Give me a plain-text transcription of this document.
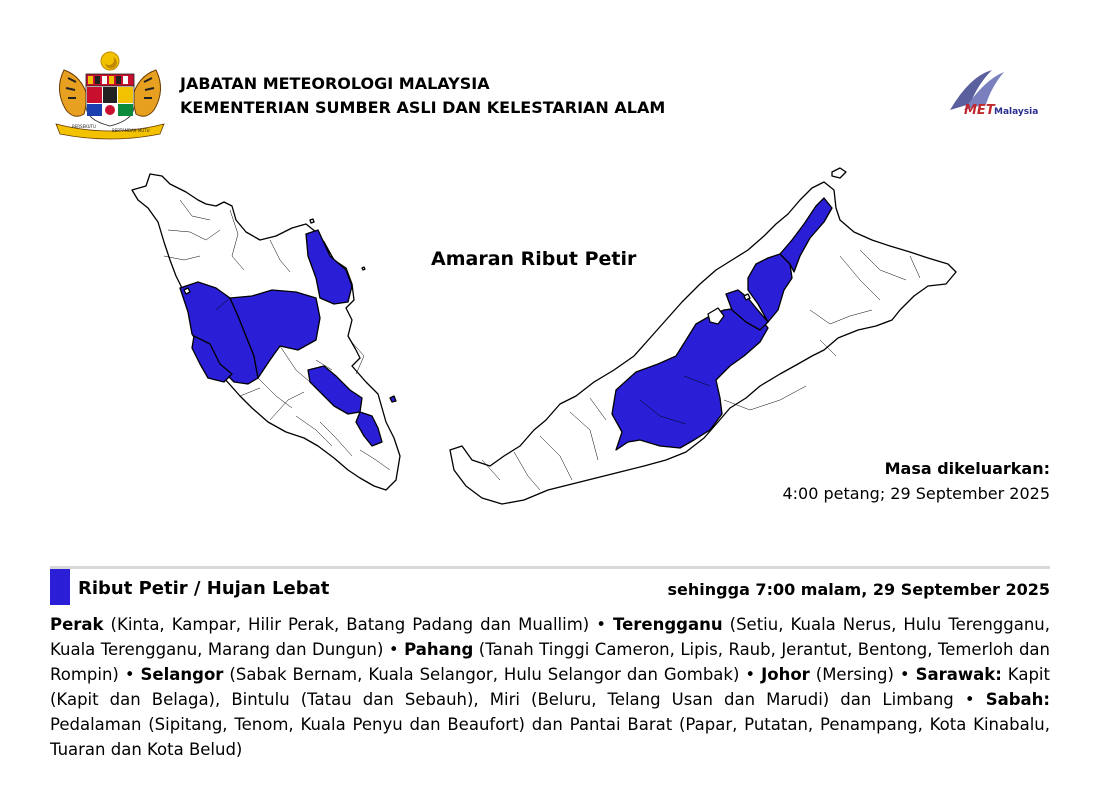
BERSEKUTU
BERTAMBAH MUTU
JABATAN METEOROLOGI MALAYSIA
KEMENTERIAN SUMBER ASLI DAN KELESTARIAN ALAM	MET Malaysia
Amaran Ribut Petir
Masa dikeluarkan:
4:00 petang; 29 September 2025
Ribut Petir / Hujan Lebat	sehingga 7:00 malam, 29 September 2025
Perak (Kinta, Kampar, Hilir Perak, Batang Padang dan Muallim) • Terengganu (Setiu, Kuala Nerus, Hulu Terengganu, Kuala Terengganu, Marang dan Dungun) • Pahang (Tanah Tinggi Cameron, Lipis, Raub, Jerantut, Bentong, Temerloh dan Rompin) • Selangor (Sabak Bernam, Kuala Selangor, Hulu Selangor dan Gombak) • Johor (Mersing) • Sarawak: Kapit (Kapit dan Belaga), Bintulu (Tatau dan Sebauh), Miri (Beluru, Telang Usan dan Marudi) dan Limbang • Sabah: Pedalaman (Sipitang, Tenom, Kuala Penyu dan Beaufort) dan Pantai Barat (Papar, Putatan, Penampang, Kota Kinabalu, Tuaran dan Kota Belud)
